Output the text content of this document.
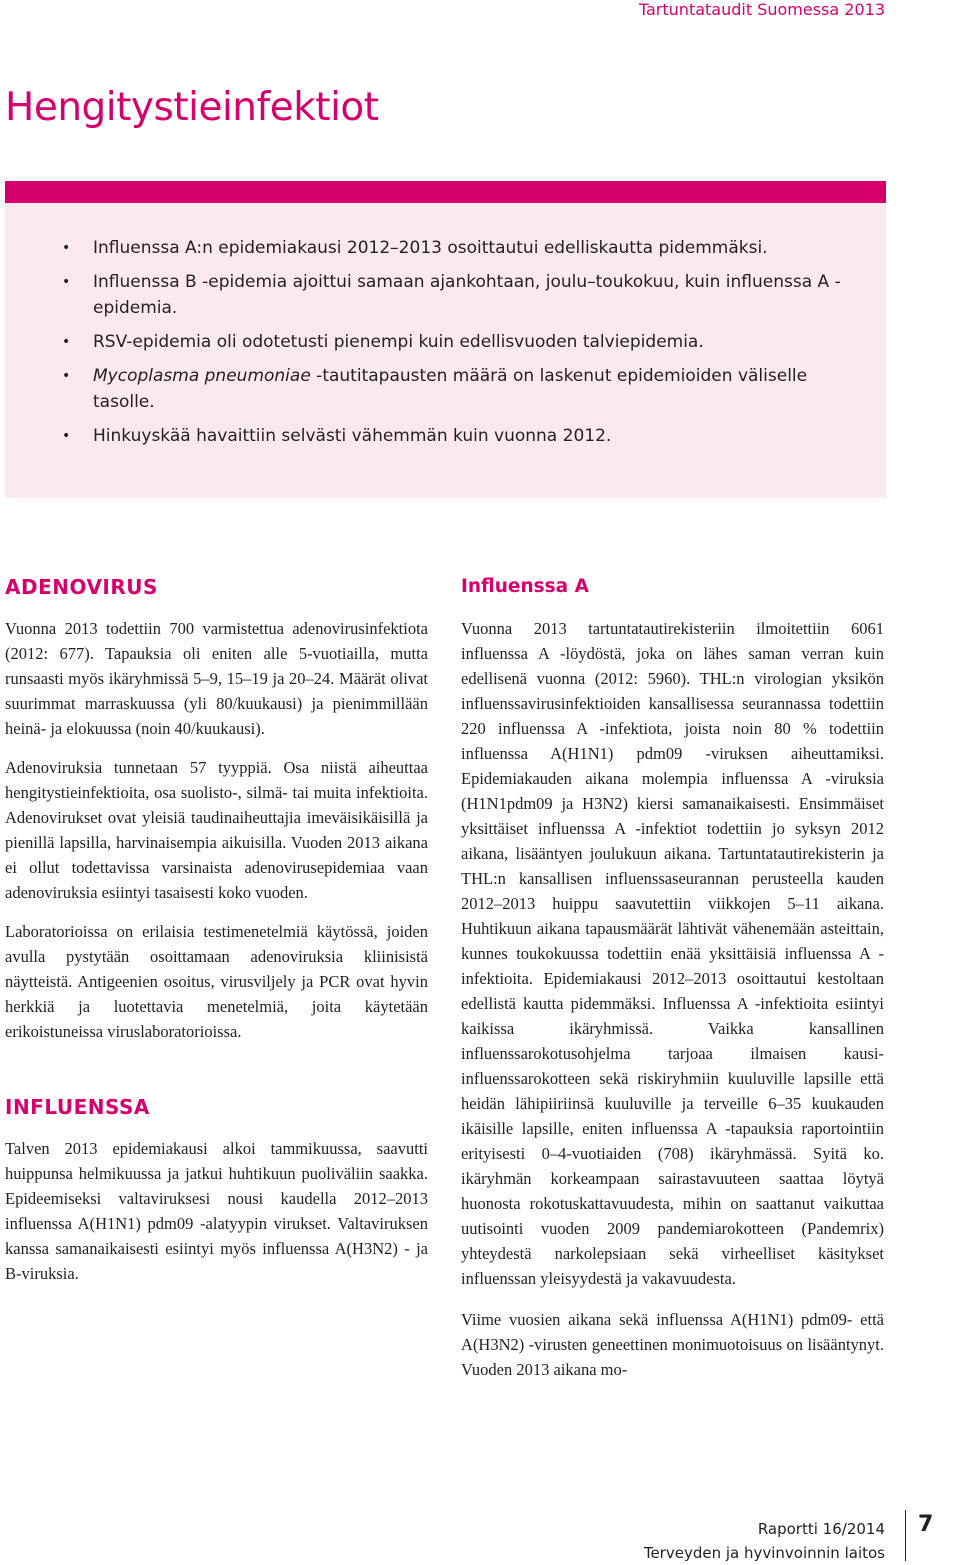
Tartuntataudit Suomessa 2013
Hengitystieinfektiot
• Influenssa A:n epidemiakausi 2012–2013 osoittautui edelliskautta pidemmäksi.
• Influenssa B -epidemia ajoittui samaan ajankohtaan, joulu–toukokuu, kuin influenssa A -epidemia.
• RSV-epidemia oli odotetusti pienempi kuin edellisvuoden talviepidemia.
• Mycoplasma pneumoniae -tautitapausten määrä on laskenut epidemioiden väliselle tasolle.
• Hinkuyskää havaittiin selvästi vähemmän kuin vuonna 2012.
ADENOVIRUS

Vuonna 2013 todettiin 700 varmistettua adenovirusinfektiota (2012: 677). Tapauksia oli eniten alle 5-vuotiailla, mutta runsaasti myös ikäryhmissä 5–9, 15–19 ja 20–24. Määrät olivat suurimmat marraskuussa (yli 80/kuukausi) ja pienimmillään heinä- ja elokuussa (noin 40/kuukausi).

Adenoviruksia tunnetaan 57 tyyppiä. Osa niistä aiheuttaa hengitystieinfektioita, osa suolisto-, silmä- tai muita infektioita. Adenovirukset ovat yleisiä taudinaiheuttajia imeväisikäisillä ja pienillä lapsilla, harvinaisempia aikuisilla. Vuoden 2013 aikana ei ollut todettavissa varsinaista adenovirusepidemiaa vaan adenoviruksia esiintyi tasaisesti koko vuoden.

Laboratorioissa on erilaisia testimenetelmiä käytössä, joiden avulla pystytään osoittamaan adenoviruksia kliinisistä näytteistä. Antigeenien osoitus, virusviljely ja PCR ovat hyvin herkkiä ja luotettavia menetelmiä, joita käytetään erikoistuneissa viruslaboratorioissa.

INFLUENSSA

Talven 2013 epidemiakausi alkoi tammikuussa, saavutti huippunsa helmikuussa ja jatkui huhtikuun puoliväliin saakka. Epideemiseksi valtaviruksesi nousi kaudella 2012–2013 influenssa A(H1N1) pdm09 -alatyypin virukset. Valtaviruksen kanssa samanaikaisesti esiintyi myös influenssa A(H3N2) - ja B-viruksia.

Influenssa A

Vuonna 2013 tartuntatautirekisteriin ilmoitettiin 6061 influenssa A -löydöstä, joka on lähes saman verran kuin edellisenä vuonna (2012: 5960). THL:n virologian yksikön influenssavirusinfektioiden kansallisessa seurannassa todettiin 220 influenssa A -infektiota, joista noin 80 % todettiin influenssa A(H1N1) pdm09 -viruksen aiheuttamiksi. Epidemiakauden aikana molempia influenssa A -viruksia (H1N1pdm09 ja H3N2) kiersi samanaikaisesti. Ensimmäiset yksittäiset influenssa A -infektiot todettiin jo syksyn 2012 aikana, lisääntyen joulukuun aikana. Tartuntatautirekisterin ja THL:n kansallisen influenssaseurannan perusteella kauden 2012–2013 huippu saavutettiin viikkojen 5–11 aikana. Huhtikuun aikana tapausmäärät lähtivät vähenemään asteittain, kunnes toukokuussa todettiin enää yksittäisiä influenssa A -infektioita. Epidemiakausi 2012–2013 osoittautui kestoltaan edellistä kautta pidemmäksi. Influenssa A -infektioita esiintyi kaikissa ikäryhmissä. Vaikka kansallinen influenssarokotusohjelma tarjoaa ilmaisen kausi-influenssarokotteen sekä riskiryhmiin kuuluville lapsille että heidän lähipiiriinsä kuuluville ja terveille 6–35 kuukauden ikäisille lapsille, eniten influenssa A -tapauksia raportointiin erityisesti 0–4-vuotiaiden (708) ikäryhmässä. Syitä ko. ikäryhmän korkeampaan sairastavuuteen saattaa löytyä huonosta rokotuskattavuudesta, mihin on saattanut vaikuttaa uutisointi vuoden 2009 pandemiarokotteen (Pandemrix) yhteydestä narkolepsiaan sekä virheelliset käsitykset influenssan yleisyydestä ja vakavuudesta.

Viime vuosien aikana sekä influenssa A(H1N1) pdm09- että A(H3N2) -virusten geneettinen monimuotoisuus on lisääntynyt. Vuoden 2013 aikana mo-

Raportti 16/2014
Terveyden ja hyvinvoinnin laitos
7
